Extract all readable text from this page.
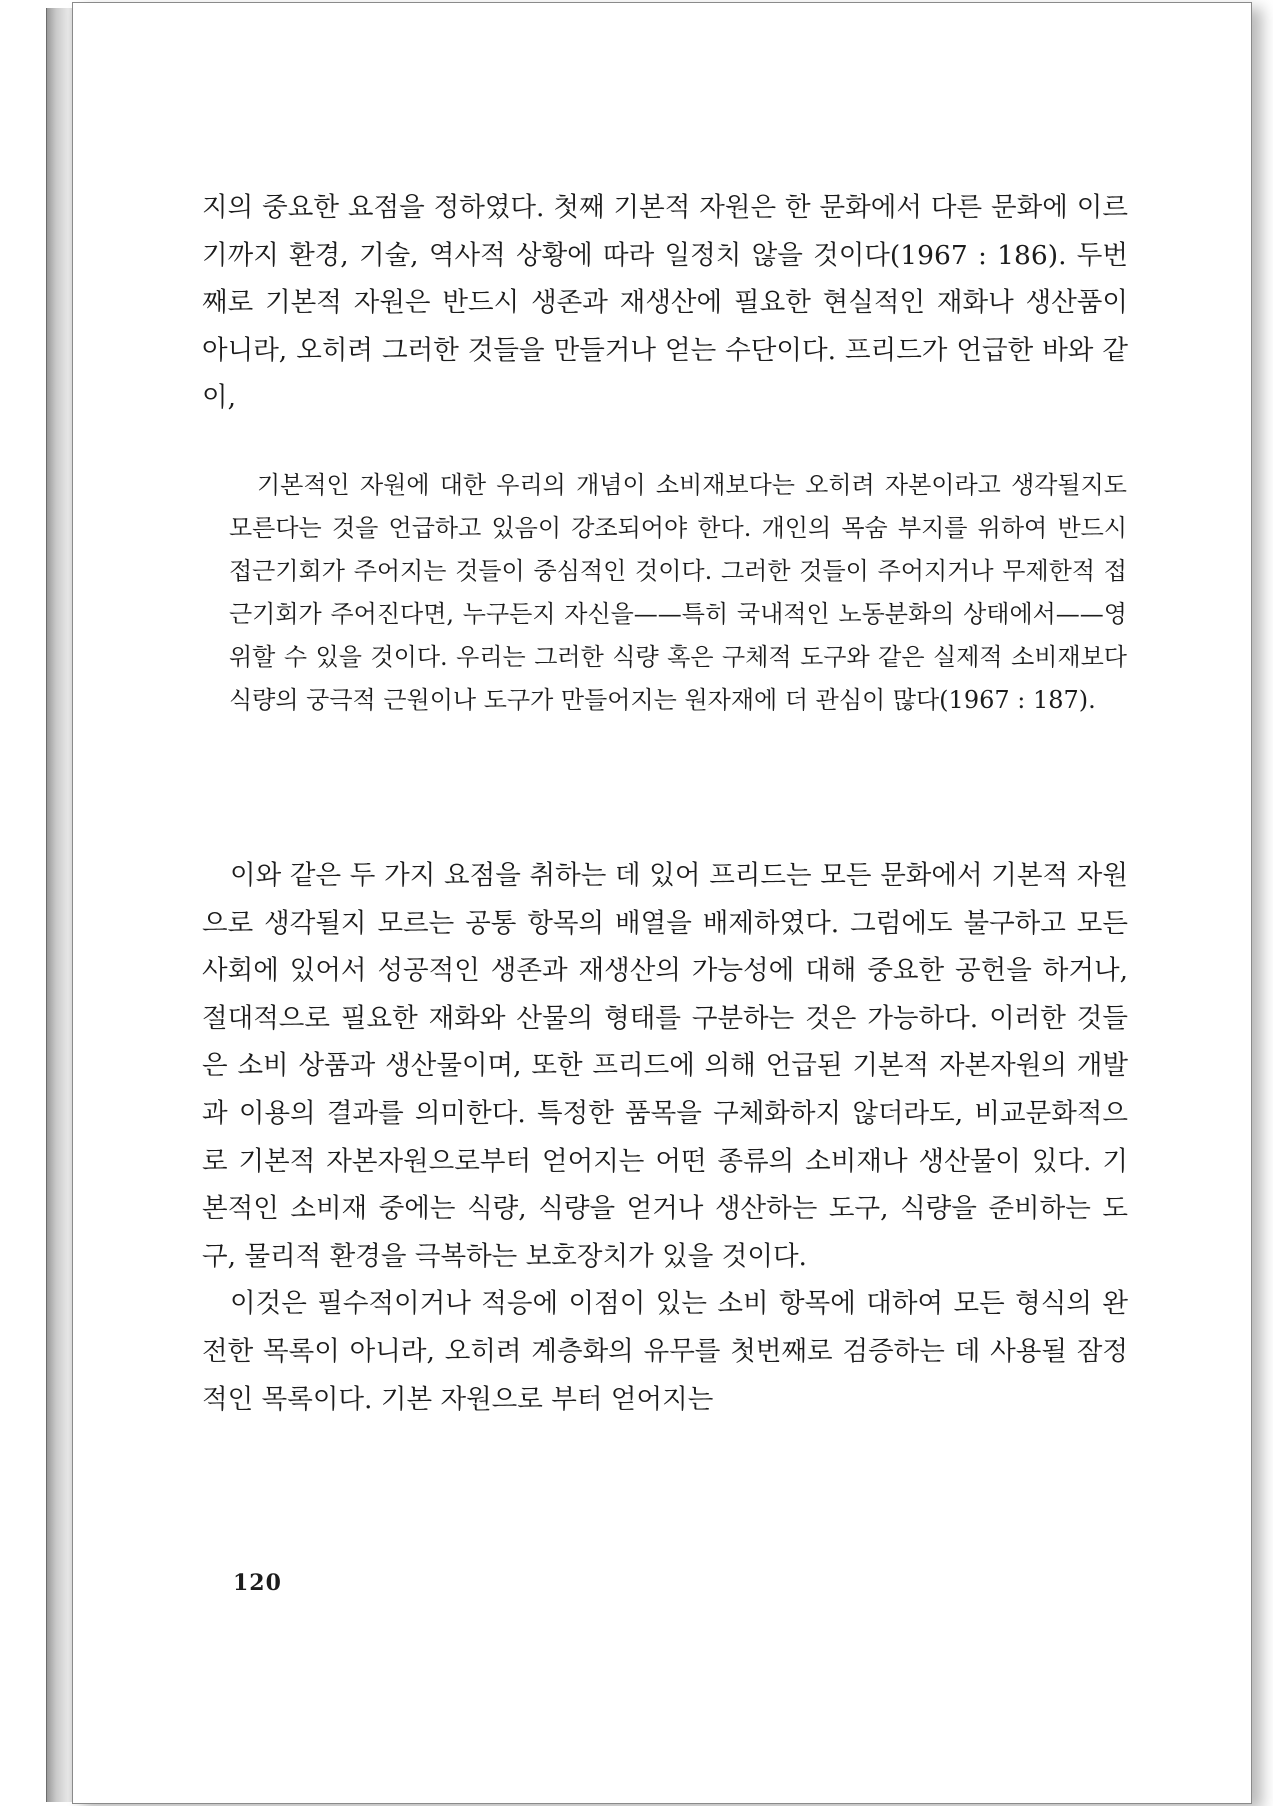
지의 중요한 요점을 정하였다. 첫째 기본적 자원은 한 문화에서 다른 문화에 이르기까지 환경, 기술, 역사적 상황에 따라 일정치 않을 것이다(1967 : 186). 두번째로 기본적 자원은 반드시 생존과 재생산에 필요한 현실적인 재화나 생산품이 아니라, 오히려 그러한 것들을 만들거나 얻는 수단이다. 프리드가 언급한 바와 같이,

기본적인 자원에 대한 우리의 개념이 소비재보다는 오히려 자본이라고 생각될지도 모른다는 것을 언급하고 있음이 강조되어야 한다. 개인의 목숨 부지를 위하여 반드시 접근기회가 주어지는 것들이 중심적인 것이다. 그러한 것들이 주어지거나 무제한적 접근기회가 주어진다면, 누구든지 자신을——특히 국내적인 노동분화의 상태에서——영위할 수 있을 것이다. 우리는 그러한 식량 혹은 구체적 도구와 같은 실제적 소비재보다 식량의 궁극적 근원이나 도구가 만들어지는 원자재에 더 관심이 많다(1967 : 187).

이와 같은 두 가지 요점을 취하는 데 있어 프리드는 모든 문화에서 기본적 자원으로 생각될지 모르는 공통 항목의 배열을 배제하였다. 그럼에도 불구하고 모든 사회에 있어서 성공적인 생존과 재생산의 가능성에 대해 중요한 공헌을 하거나, 절대적으로 필요한 재화와 산물의 형태를 구분하는 것은 가능하다. 이러한 것들은 소비 상품과 생산물이며, 또한 프리드에 의해 언급된 기본적 자본자원의 개발과 이용의 결과를 의미한다. 특정한 품목을 구체화하지 않더라도, 비교문화적으로 기본적 자본자원으로부터 얻어지는 어떤 종류의 소비재나 생산물이 있다. 기본적인 소비재 중에는 식량, 식량을 얻거나 생산하는 도구, 식량을 준비하는 도구, 물리적 환경을 극복하는 보호장치가 있을 것이다.

이것은 필수적이거나 적응에 이점이 있는 소비 항목에 대하여 모든 형식의 완전한 목록이 아니라, 오히려 계층화의 유무를 첫번째로 검증하는 데 사용될 잠정적인 목록이다. 기본 자원으로 부터 얻어지는

120
